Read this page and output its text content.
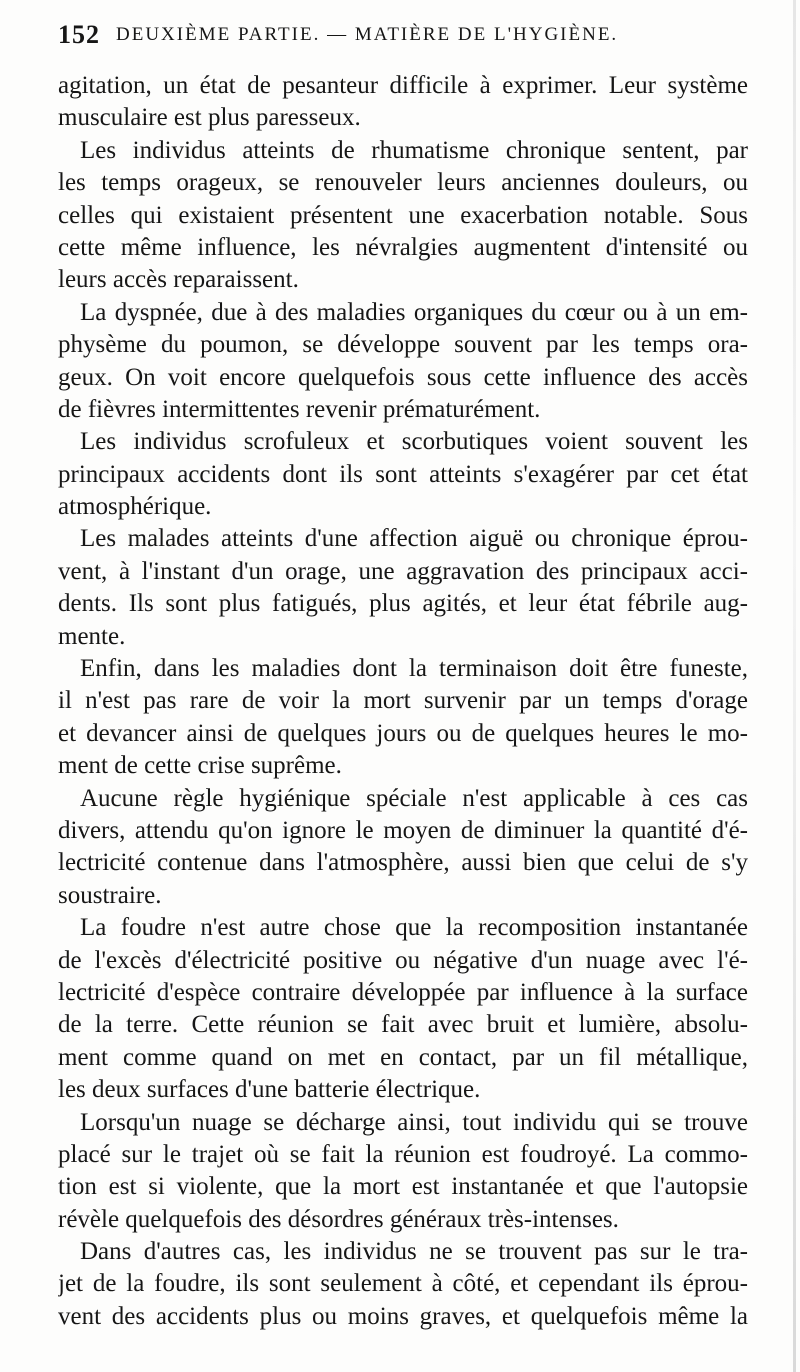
152 DEUXIÈME PARTIE. — MATIÈRE DE L'HYGIÈNE.
agitation, un état de pesanteur difficile à exprimer. Leur système
musculaire est plus paresseux.
Les individus atteints de rhumatisme chronique sentent, par
les temps orageux, se renouveler leurs anciennes douleurs, ou
celles qui existaient présentent une exacerbation notable. Sous
cette même influence, les névralgies augmentent d'intensité ou
leurs accès reparaissent.
La dyspnée, due à des maladies organiques du cœur ou à un em-
physème du poumon, se développe souvent par les temps ora-
geux. On voit encore quelquefois sous cette influence des accès
de fièvres intermittentes revenir prématurément.
Les individus scrofuleux et scorbutiques voient souvent les
principaux accidents dont ils sont atteints s'exagérer par cet état
atmosphérique.
Les malades atteints d'une affection aiguë ou chronique éprou-
vent, à l'instant d'un orage, une aggravation des principaux acci-
dents. Ils sont plus fatigués, plus agités, et leur état fébrile aug-
mente.
Enfin, dans les maladies dont la terminaison doit être funeste,
il n'est pas rare de voir la mort survenir par un temps d'orage
et devancer ainsi de quelques jours ou de quelques heures le mo-
ment de cette crise suprême.
Aucune règle hygiénique spéciale n'est applicable à ces cas
divers, attendu qu'on ignore le moyen de diminuer la quantité d'é-
lectricité contenue dans l'atmosphère, aussi bien que celui de s'y
soustraire.
La foudre n'est autre chose que la recomposition instantanée
de l'excès d'électricité positive ou négative d'un nuage avec l'é-
lectricité d'espèce contraire développée par influence à la surface
de la terre. Cette réunion se fait avec bruit et lumière, absolu-
ment comme quand on met en contact, par un fil métallique,
les deux surfaces d'une batterie électrique.
Lorsqu'un nuage se décharge ainsi, tout individu qui se trouve
placé sur le trajet où se fait la réunion est foudroyé. La commo-
tion est si violente, que la mort est instantanée et que l'autopsie
révèle quelquefois des désordres généraux très-intenses.
Dans d'autres cas, les individus ne se trouvent pas sur le tra-
jet de la foudre, ils sont seulement à côté, et cependant ils éprou-
vent des accidents plus ou moins graves, et quelquefois même la
